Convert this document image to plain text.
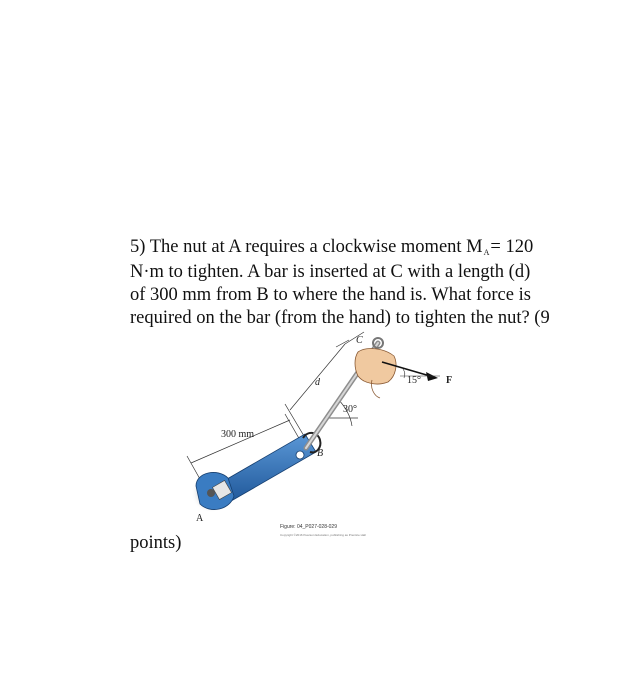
5) The nut at A requires a clockwise moment MA= 120
N·m to tighten. A bar is inserted at C with a length (d)
of 300 mm from B to where the hand is. What force is
required on the bar (from the hand) to tighten the nut? (9
A
B
C
d	F
300 mm
30°
15°
Figure: 04_P027-028-029
Copyright ©2016 Pearson Education, publishing as Prentice Hall
points)
